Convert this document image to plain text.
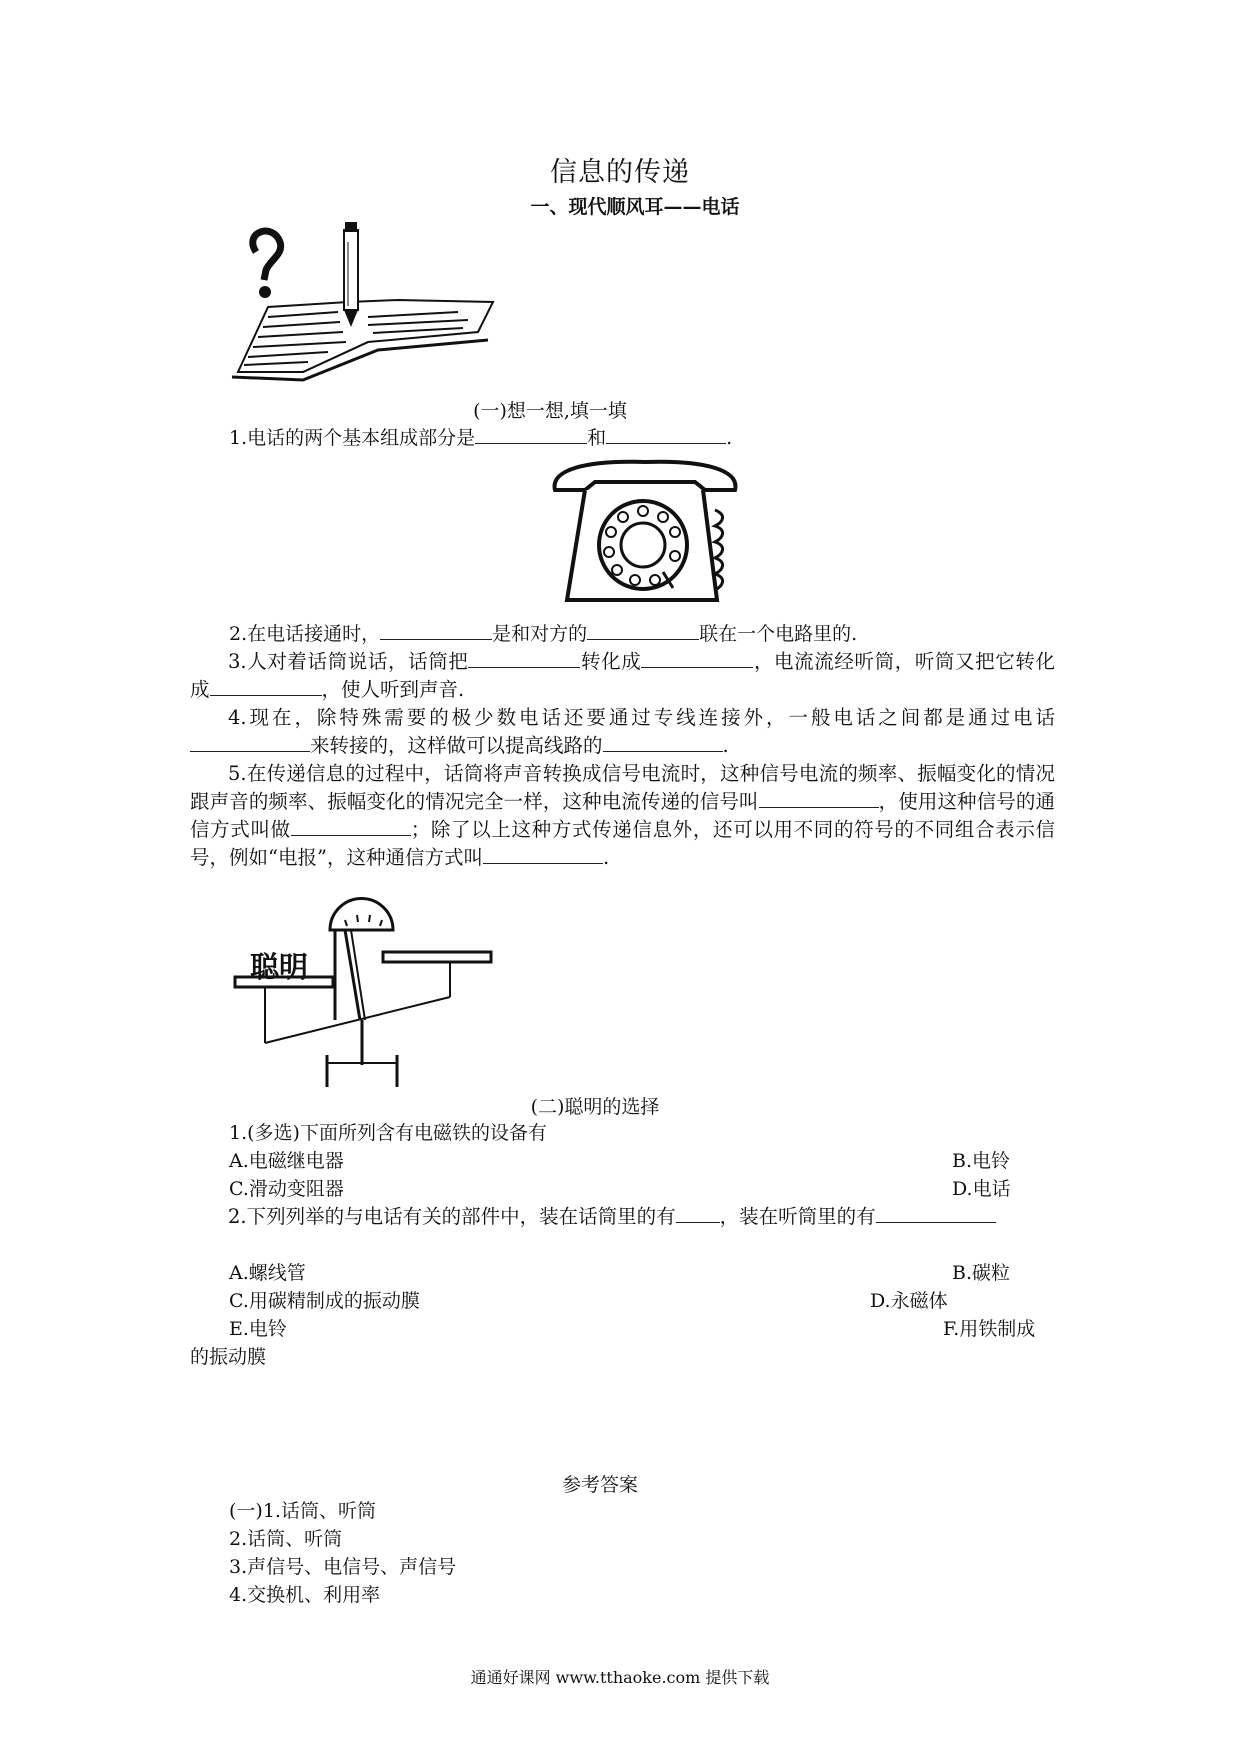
信息的传递
一、现代顺风耳——电话
(一)想一想,填一填
1.电话的两个基本组成部分是	和	.
2.在电话接通时，	是和对方的	联在一个电路里的.
3.人对着话筒说话，话筒把	转化成	，电流流经听筒，听筒又把它转化成	，使人听到声音.
4.现在，除特殊需要的极少数电话还要通过专线连接外，一般电话之间都是通过电话来转接的，这样做可以提高线路的	.
5.在传递信息的过程中，话筒将声音转换成信号电流时，这种信号电流的频率、振幅变化的情况跟声音的频率、振幅变化的情况完全一样，这种电流传递的信号叫	，使用这种信号的通信方式叫做	；除了以上这种方式传递信息外，还可以用不同的符号的不同组合表示信号，例如“电报”，这种通信方式叫	.
聪明
(二)聪明的选择
1.(多选)下面所列含有电磁铁的设备有
A.电磁继电器	B.电铃
C.滑动变阻器	D.电话
2.下列列举的与电话有关的部件中，装在话筒里的有 ，装在听筒里的有
A.螺线管	B.碳粒
C.用碳精制成的振动膜	D.永磁体
E.电铃	F.用铁制成
的振动膜
参考答案
(一)1.话筒、听筒
2.话筒、听筒
3.声信号、电信号、声信号
4.交换机、利用率
通通好课网 www.tthaoke.com 提供下载
